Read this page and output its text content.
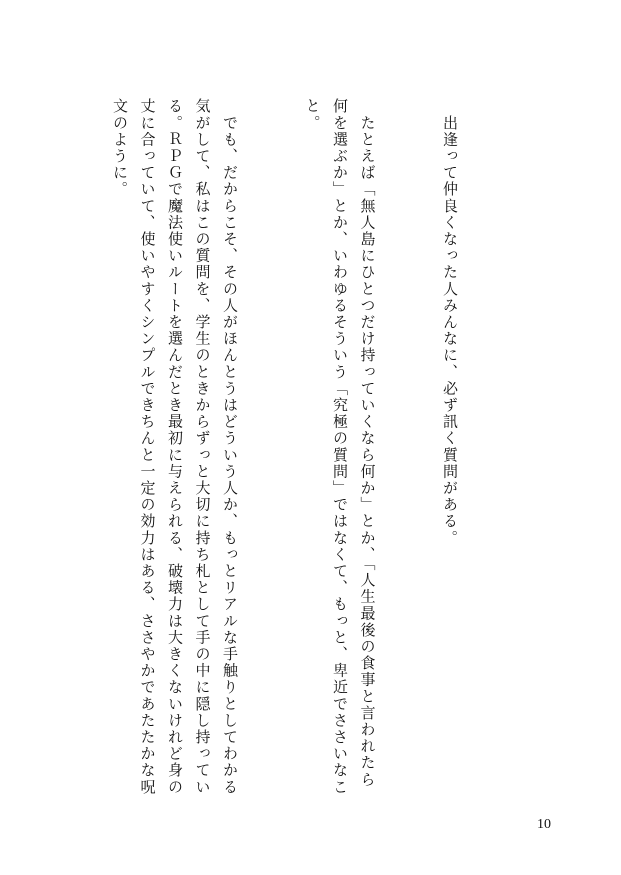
　出逢って仲良くなった人みんなに、必ず訊く質問がある。

　たとえば「無人島にひとつだけ持っていくなら何か」とか、「人生最後の食事と言われたら何を選ぶか」とか、いわゆるそういう「究極の質問」ではなくて、もっと、卑近でささいなこと。

　でも、だからこそ、その人がほんとうはどういう人か、もっとリアルな手触りとしてわかる気がして、私はこの質問を、学生のときからずっと大切に持ち札として手の中に隠し持っている。ＲＰＧで魔法使いルートを選んだとき最初に与えられる、破壊力は大きくないけれど身の丈に合っていて、使いやすくシンプルできちんと一定の効力はある、ささやかであたたかな呪文のように。

10
